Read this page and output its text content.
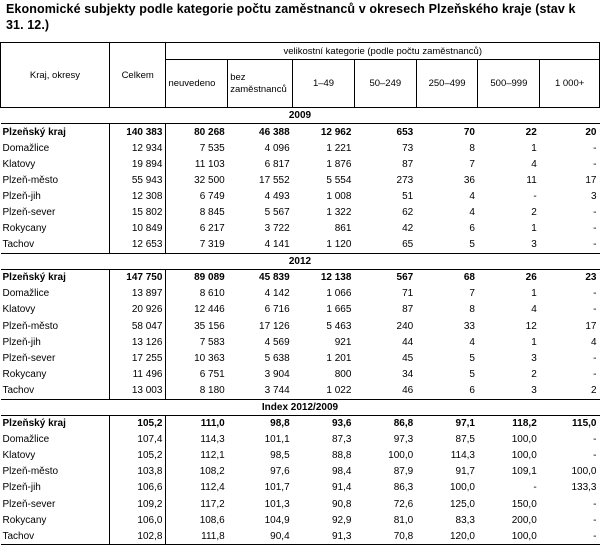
Ekonomické subjekty podle kategorie počtu zaměstnanců v okresech Plzeňského kraje (stav k 31. 12.)
Kraj, okresy	Celkem	velikostní kategorie (podle počtu zaměstnanců)						
		neuvedeno	bez zaměstnanců	1–49	50–249	250–499	500–999	1 000+
2009								
Plzeňský kraj	140 383	80 268	46 388	12 962	653	70	22	20
Domažlice	12 934	7 535	4 096	1 221	73	8	1	-
Klatovy	19 894	11 103	6 817	1 876	87	7	4	-
Plzeň-město	55 943	32 500	17 552	5 554	273	36	11	17
Plzeň-jih	12 308	6 749	4 493	1 008	51	4	-	3
Plzeň-sever	15 802	8 845	5 567	1 322	62	4	2	-
Rokycany	10 849	6 217	3 722	861	42	6	1	-
Tachov	12 653	7 319	4 141	1 120	65	5	3	-
2012								
Plzeňský kraj	147 750	89 089	45 839	12 138	567	68	26	23
Domažlice	13 897	8 610	4 142	1 066	71	7	1	-
Klatovy	20 926	12 446	6 716	1 665	87	8	4	-
Plzeň-město	58 047	35 156	17 126	5 463	240	33	12	17
Plzeň-jih	13 126	7 583	4 569	921	44	4	1	4
Plzeň-sever	17 255	10 363	5 638	1 201	45	5	3	-
Rokycany	11 496	6 751	3 904	800	34	5	2	-
Tachov	13 003	8 180	3 744	1 022	46	6	3	2
Index 2012/2009								
Plzeňský kraj	105,2	111,0	98,8	93,6	86,8	97,1	118,2	115,0
Domažlice	107,4	114,3	101,1	87,3	97,3	87,5	100,0	-
Klatovy	105,2	112,1	98,5	88,8	100,0	114,3	100,0	-
Plzeň-město	103,8	108,2	97,6	98,4	87,9	91,7	109,1	100,0
Plzeň-jih	106,6	112,4	101,7	91,4	86,3	100,0	-	133,3
Plzeň-sever	109,2	117,2	101,3	90,8	72,6	125,0	150,0	-
Rokycany	106,0	108,6	104,9	92,9	81,0	83,3	200,0	-
Tachov	102,8	111,8	90,4	91,3	70,8	120,0	100,0	-
